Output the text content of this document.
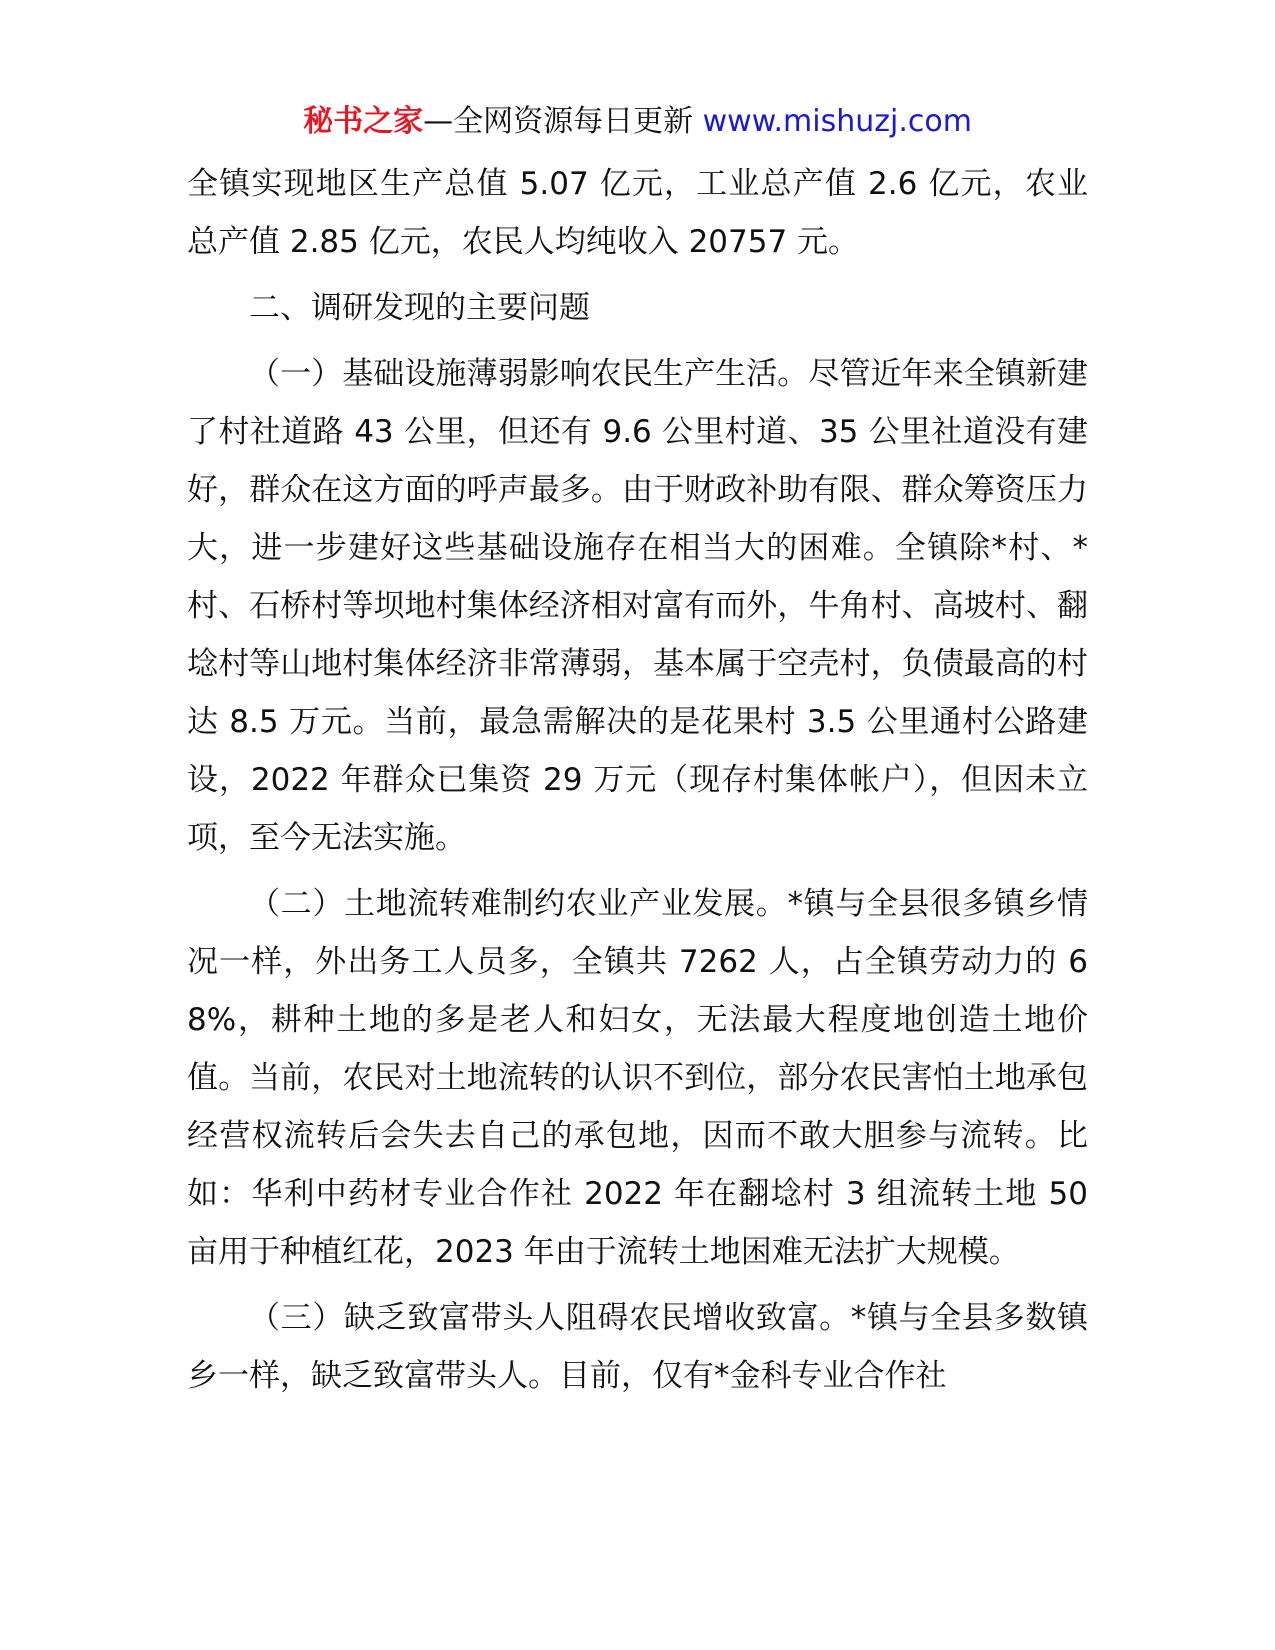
秘书之家—全网资源每日更新 www.mishuzj.com

全镇实现地区生产总值 5.07 亿元，工业总产值 2.6 亿元，农业总产值 2.85 亿元，农民人均纯收入 20757 元。

二、调研发现的主要问题

（一）基础设施薄弱影响农民生产生活。尽管近年来全镇新建了村社道路 43 公里，但还有 9.6 公里村道、35 公里社道没有建好，群众在这方面的呼声最多。由于财政补助有限、群众筹资压力大，进一步建好这些基础设施存在相当大的困难。全镇除*村、*村、石桥村等坝地村集体经济相对富有而外，牛角村、高坡村、翻埝村等山地村集体经济非常薄弱，基本属于空壳村，负债最高的村达 8.5 万元。当前，最急需解决的是花果村 3.5 公里通村公路建设，2022 年群众已集资 29 万元（现存村集体帐户），但因未立项，至今无法实施。

（二）土地流转难制约农业产业发展。*镇与全县很多镇乡情况一样，外出务工人员多，全镇共 7262 人，占全镇劳动力的 68%，耕种土地的多是老人和妇女，无法最大程度地创造土地价值。当前，农民对土地流转的认识不到位，部分农民害怕土地承包经营权流转后会失去自己的承包地，因而不敢大胆参与流转。比如：华利中药材专业合作社 2022 年在翻埝村 3 组流转土地 50 亩用于种植红花，2023 年由于流转土地困难无法扩大规模。

（三）缺乏致富带头人阻碍农民增收致富。*镇与全县多数镇乡一样，缺乏致富带头人。目前，仅有*金科专业合作社
